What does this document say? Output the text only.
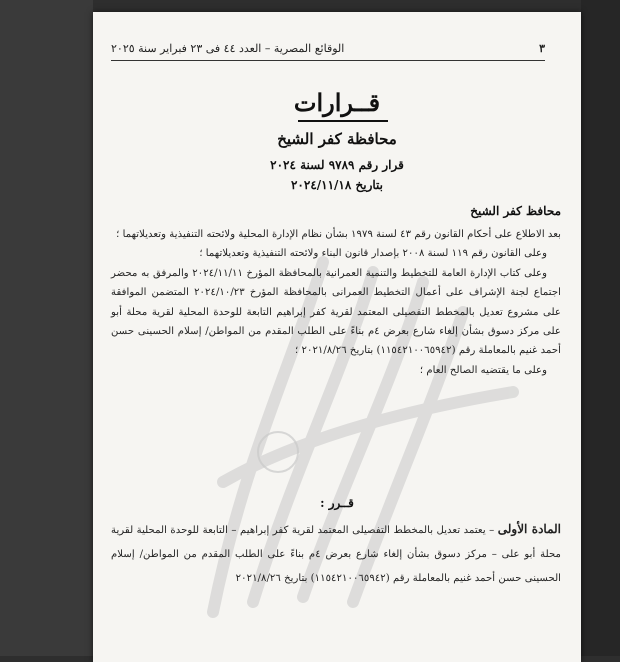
٣
الوقائع المصرية – العدد ٤٤ فى ٢٣ فبراير سنة ٢٠٢٥
قــرارات
محافظة كفر الشيخ
قرار رقم ٩٧٨٩ لسنة ٢٠٢٤
بتاريخ ٢٠٢٤/١١/١٨
محافظ كفر الشيخ

بعد الاطلاع على أحكام القانون رقم ٤٣ لسنة ١٩٧٩ بشأن نظام الإدارة المحلية ولائحته التنفيذية وتعديلاتهما ؛

وعلى القانون رقم ١١٩ لسنة ٢٠٠٨ بإصدار قانون البناء ولائحته التنفيذية وتعديلاتهما ؛

وعلى كتاب الإدارة العامة للتخطيط والتنمية العمرانية بالمحافظة المؤرخ ٢٠٢٤/١١/١١ والمرفق به محضر اجتماع لجنة الإشراف على أعمال التخطيط العمرانى بالمحافظة المؤرخ ٢٠٢٤/١٠/٢٣ المتضمن الموافقة على مشروع تعديل بالمخطط التفصيلى المعتمد لقرية كفر إبراهيم التابعة للوحدة المحلية لقرية محلة أبو على مركز دسوق بشأن إلغاء شارع بعرض ٤م بناءً على الطلب المقدم من المواطن/ إسلام الحسينى حسن أحمد غنيم بالمعاملة رقم (١١٥٤٢١٠٠٦٥٩٤٢) بتاريخ ٢٠٢١/٨/٢٦ ؛

وعلى ما يقتضيه الصالح العام ؛

قــرر :

المادة الأولى – يعتمد تعديل بالمخطط التفصيلى المعتمد لقرية كفر إبراهيم – التابعة للوحدة المحلية لقرية محلة أبو على – مركز دسوق بشأن إلغاء شارع بعرض ٤م بناءً على الطلب المقدم من المواطن/ إسلام الحسينى حسن أحمد غنيم بالمعاملة رقم (١١٥٤٢١٠٠٦٥٩٤٢) بتاريخ ٢٠٢١/٨/٢٦
